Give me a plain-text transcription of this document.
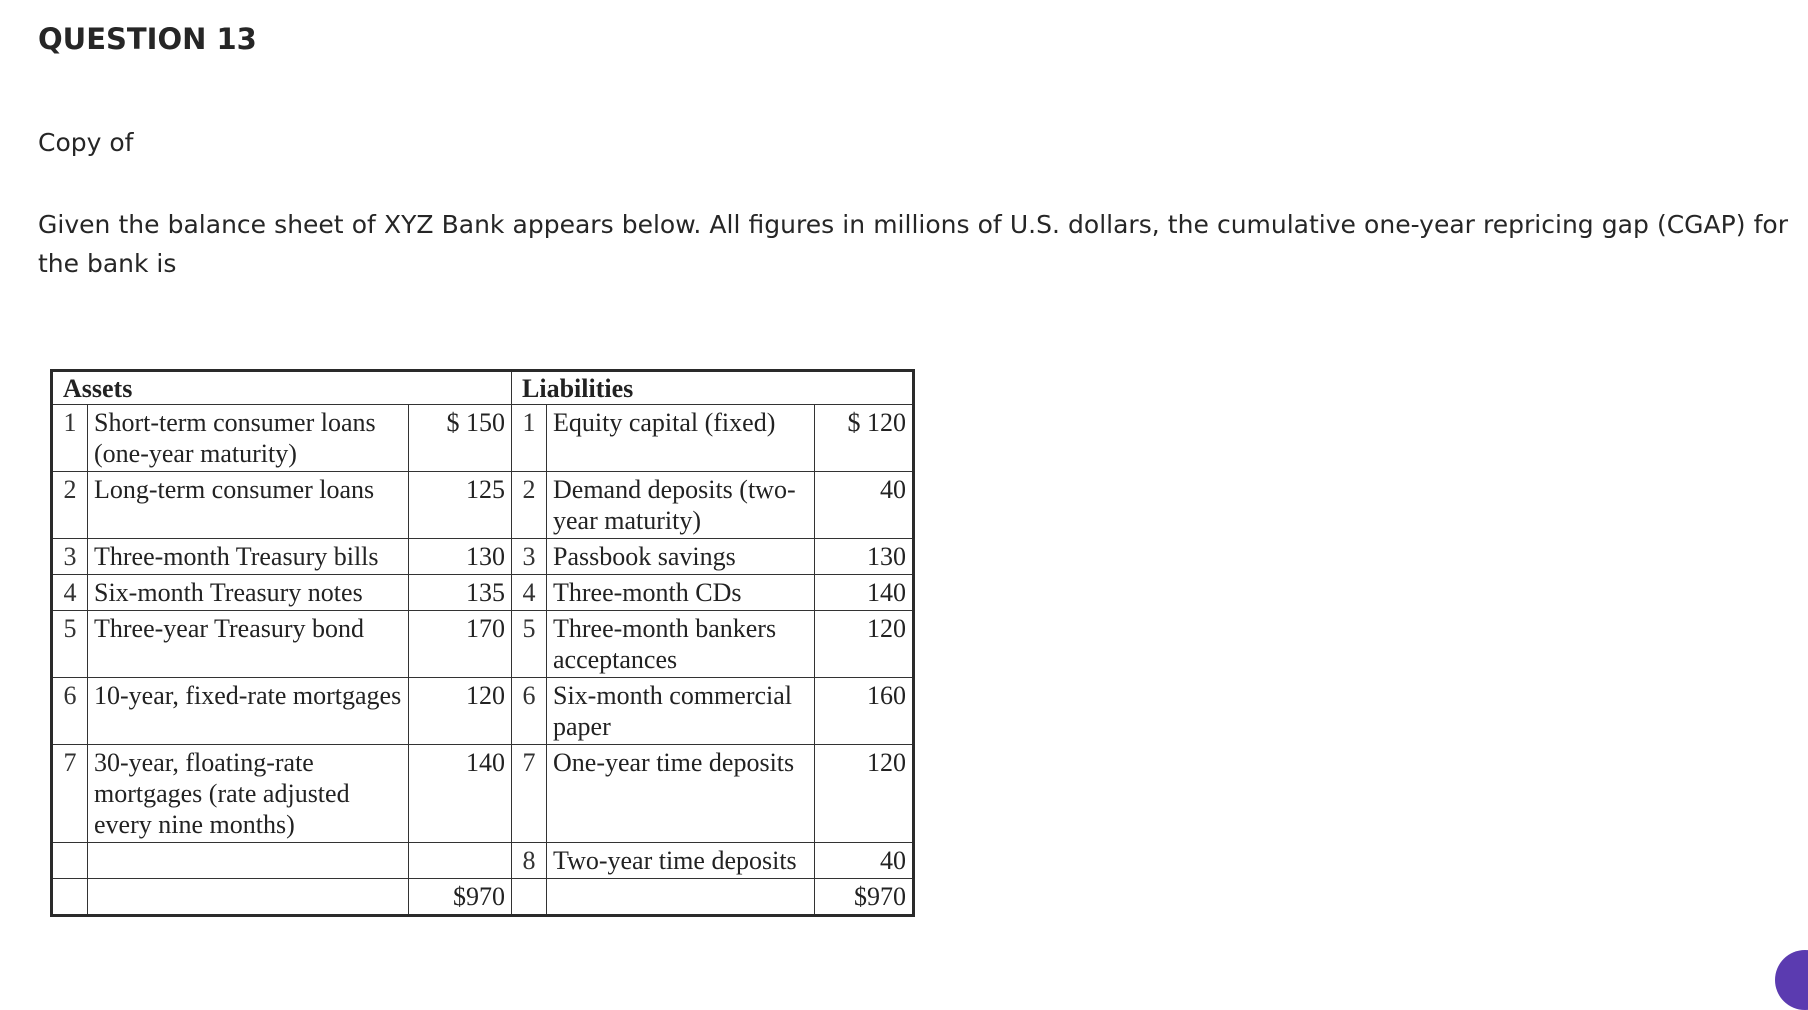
QUESTION 13
Copy of
Given the balance sheet of XYZ Bank appears below. All figures in millions of U.S. dollars, the cumulative one-year repricing gap (CGAP) for the bank is
Assets			Liabilities		
1	Short-term consumer loans (one-year maturity)	$ 150	1	Equity capital (fixed)	$ 120
2	Long-term consumer loans	125	2	Demand deposits (two-year maturity)	40
3	Three-month Treasury bills	130	3	Passbook savings	130
4	Six-month Treasury notes	135	4	Three-month CDs	140
5	Three-year Treasury bond	170	5	Three-month bankers acceptances	120
6	10-year, fixed-rate mortgages	120	6	Six-month commercial paper	160
7	30-year, floating-rate mortgages (rate adjusted every nine months)	140	7	One-year time deposits	120
			8	Two-year time deposits	40
		$970			$970
